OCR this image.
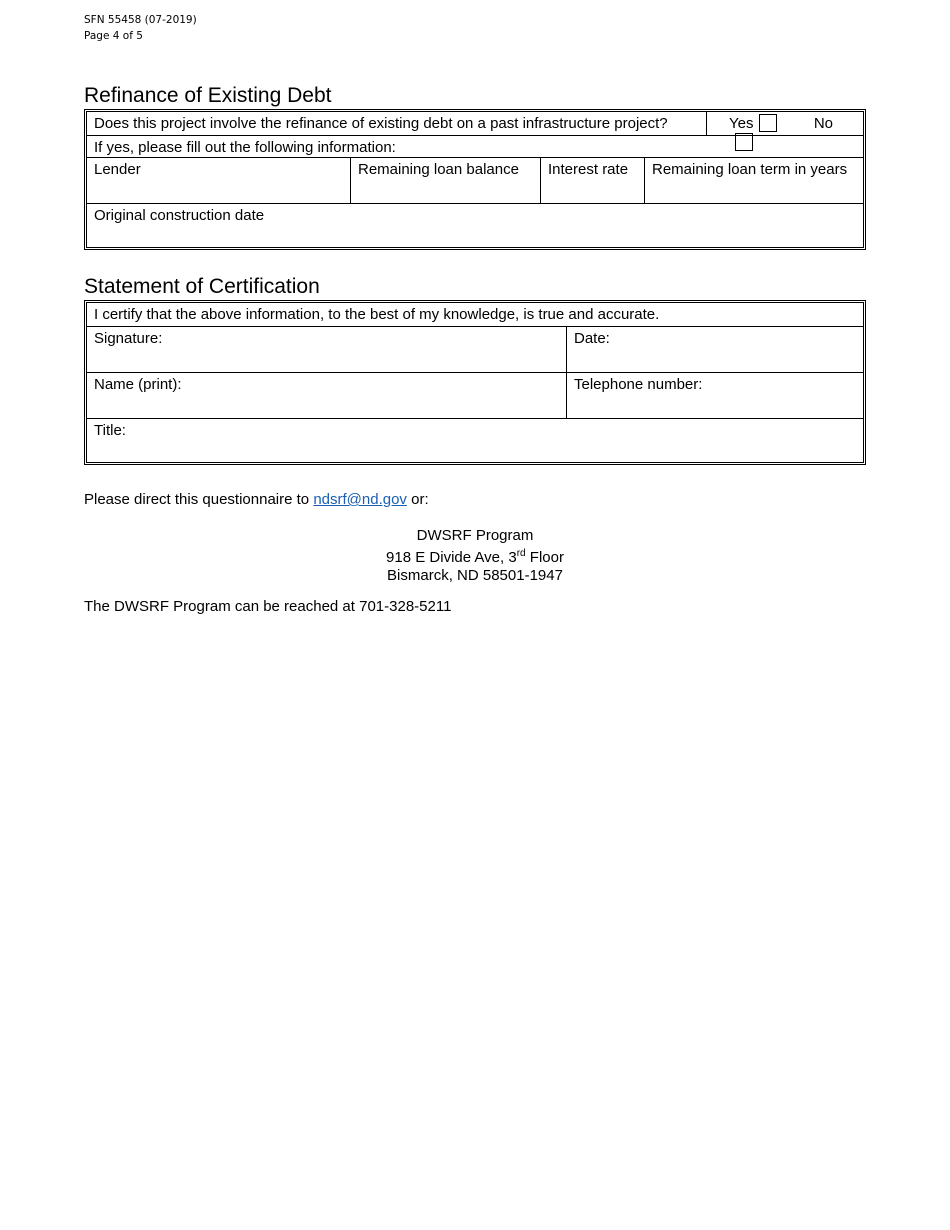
SFN 55458 (07-2019)
Page 4 of 5
Refinance of Existing Debt
Does this project involve the refinance of existing debt on a past infrastructure project?	Yes	No
If yes, please fill out the following information:
Lender	Remaining loan balance	Interest rate	Remaining loan term in years
Original construction date
Statement of Certification
I certify that the above information, to the best of my knowledge, is true and accurate.
Signature:	Date:
Name (print):	Telephone number:
Title:

Please direct this questionnaire to ndsrf@nd.gov or:

DWSRF Program
918 E Divide Ave, 3rd Floor
Bismarck, ND 58501-1947

The DWSRF Program can be reached at 701-328-5211
